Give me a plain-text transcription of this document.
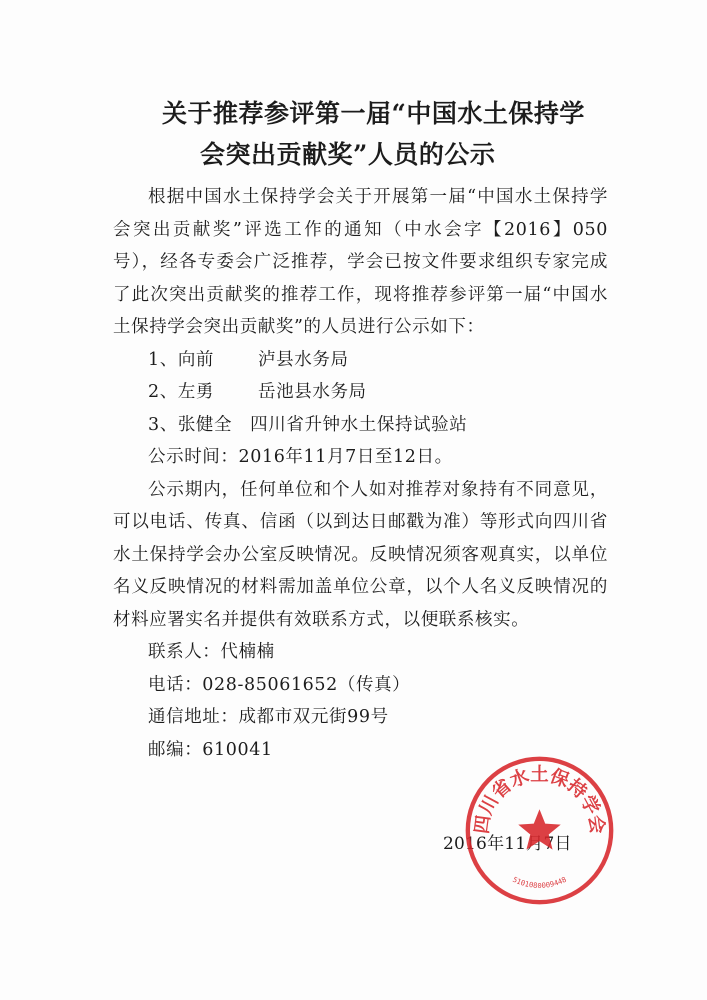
关于推荐参评第一届“中国水土保持学
会突出贡献奖”人员的公示

根据中国水土保持学会关于开展第一届“中国水土保持学会突出贡献奖”评选工作的通知（中水会字【2016】050号），经各专委会广泛推荐，学会已按文件要求组织专家完成了此次突出贡献奖的推荐工作，现将推荐参评第一届“中国水土保持学会突出贡献奖”的人员进行公示如下：

1、向前	泸县水务局

2、左勇	岳池县水务局

3、张健全 四川省升钟水土保持试验站

公示时间：2016年11月7日至12日。

公示期内，任何单位和个人如对推荐对象持有不同意见，可以电话、传真、信函（以到达日邮戳为准）等形式向四川省水土保持学会办公室反映情况。反映情况须客观真实，以单位名义反映情况的材料需加盖单位公章，以个人名义反映情况的材料应署实名并提供有效联系方式，以便联系核实。

联系人：代楠楠

电话：028-85061652（传真）

通信地址：成都市双元街99号

邮编：610041

2016年11月7日
四川省水土保持学会
5101080009448
